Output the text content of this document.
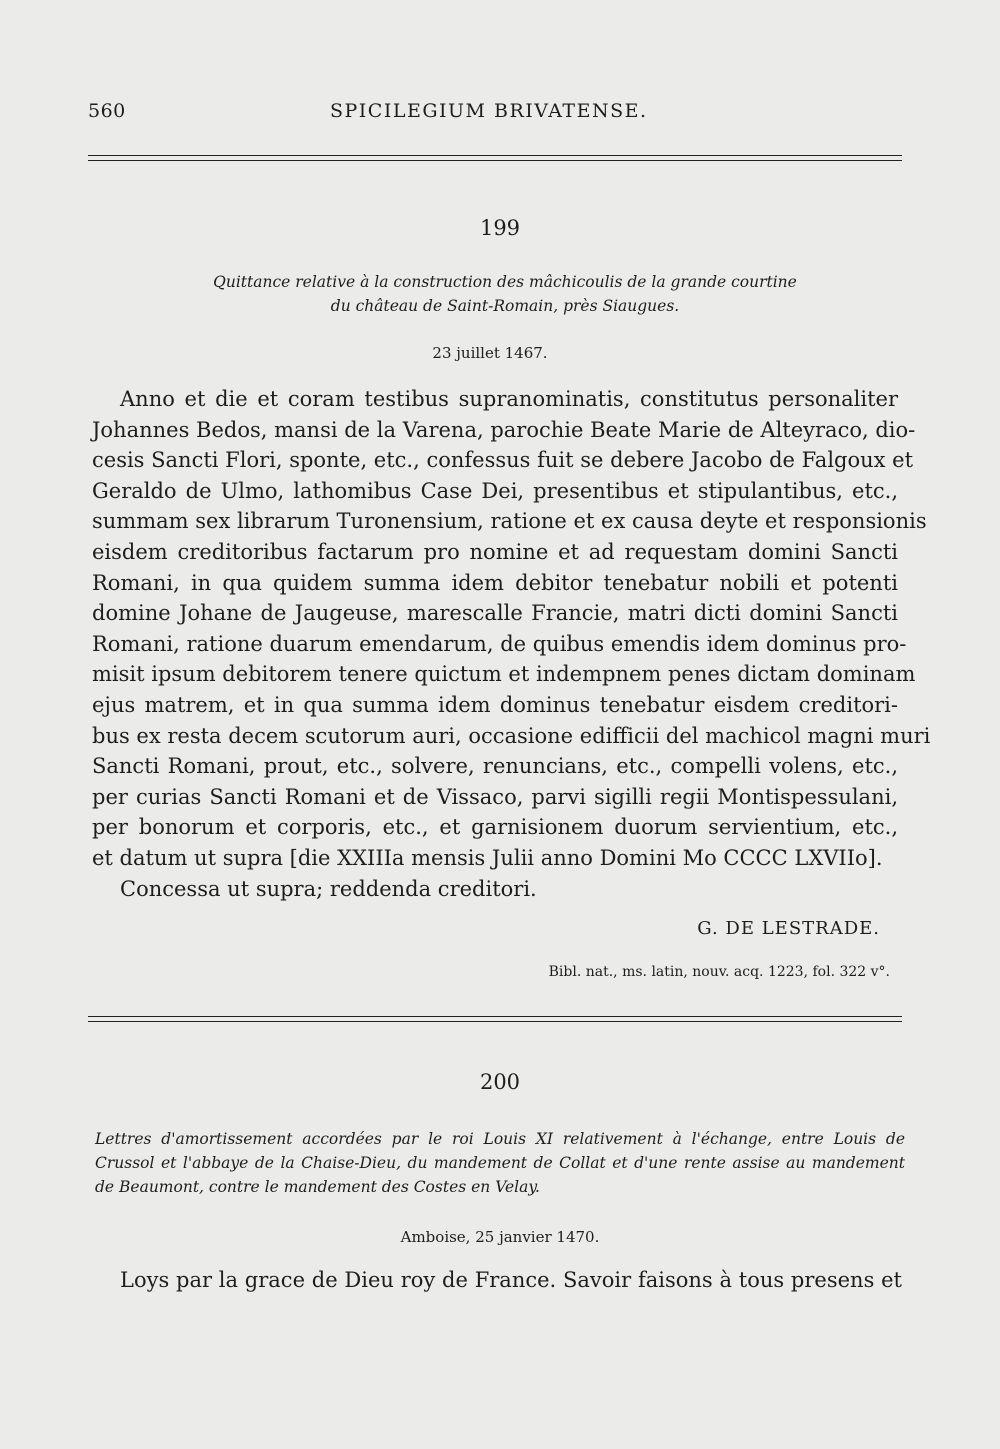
560	SPICILEGIUM BRIVATENSE.
199
Quittance relative à la construction des mâchicoulis de la grande courtine
du château de Saint-Romain, près Siaugues.
23 juillet 1467.
Anno et die et coram testibus supranominatis, constitutus personaliter
Johannes Bedos, mansi de la Varena, parochie Beate Marie de Alteyraco, dio-
cesis Sancti Flori, sponte, etc., confessus fuit se debere Jacobo de Falgoux et
Geraldo de Ulmo, lathomibus Case Dei, presentibus et stipulantibus, etc.,
summam sex librarum Turonensium, ratione et ex causa deyte et responsionis
eisdem creditoribus factarum pro nomine et ad requestam domini Sancti
Romani, in qua quidem summa idem debitor tenebatur nobili et potenti
domine Johane de Jaugeuse, marescalle Francie, matri dicti domini Sancti
Romani, ratione duarum emendarum, de quibus emendis idem dominus pro-
misit ipsum debitorem tenere quictum et indempnem penes dictam dominam
ejus matrem, et in qua summa idem dominus tenebatur eisdem creditori-
bus ex resta decem scutorum auri, occasione edifficii del machicol magni muri
Sancti Romani, prout, etc., solvere, renuncians, etc., compelli volens, etc.,
per curias Sancti Romani et de Vissaco, parvi sigilli regii Montispessulani,
per bonorum et corporis, etc., et garnisionem duorum servientium, etc.,
et datum ut supra [die XXIIIa mensis Julii anno Domini Mo CCCC LXVIIo].
Concessa ut supra; reddenda creditori.
G. DE LESTRADE.
Bibl. nat., ms. latin, nouv. acq. 1223, fol. 322 v°.
200
Lettres d'amortissement accordées par le roi Louis XI relativement à l'échange, entre Louis de Crussol et l'abbaye de la Chaise-Dieu, du mandement de Collat et d'une rente assise au mandement de Beaumont, contre le mandement des Costes en Velay.
Amboise, 25 janvier 1470.
Loys par la grace de Dieu roy de France. Savoir faisons à tous presens et
